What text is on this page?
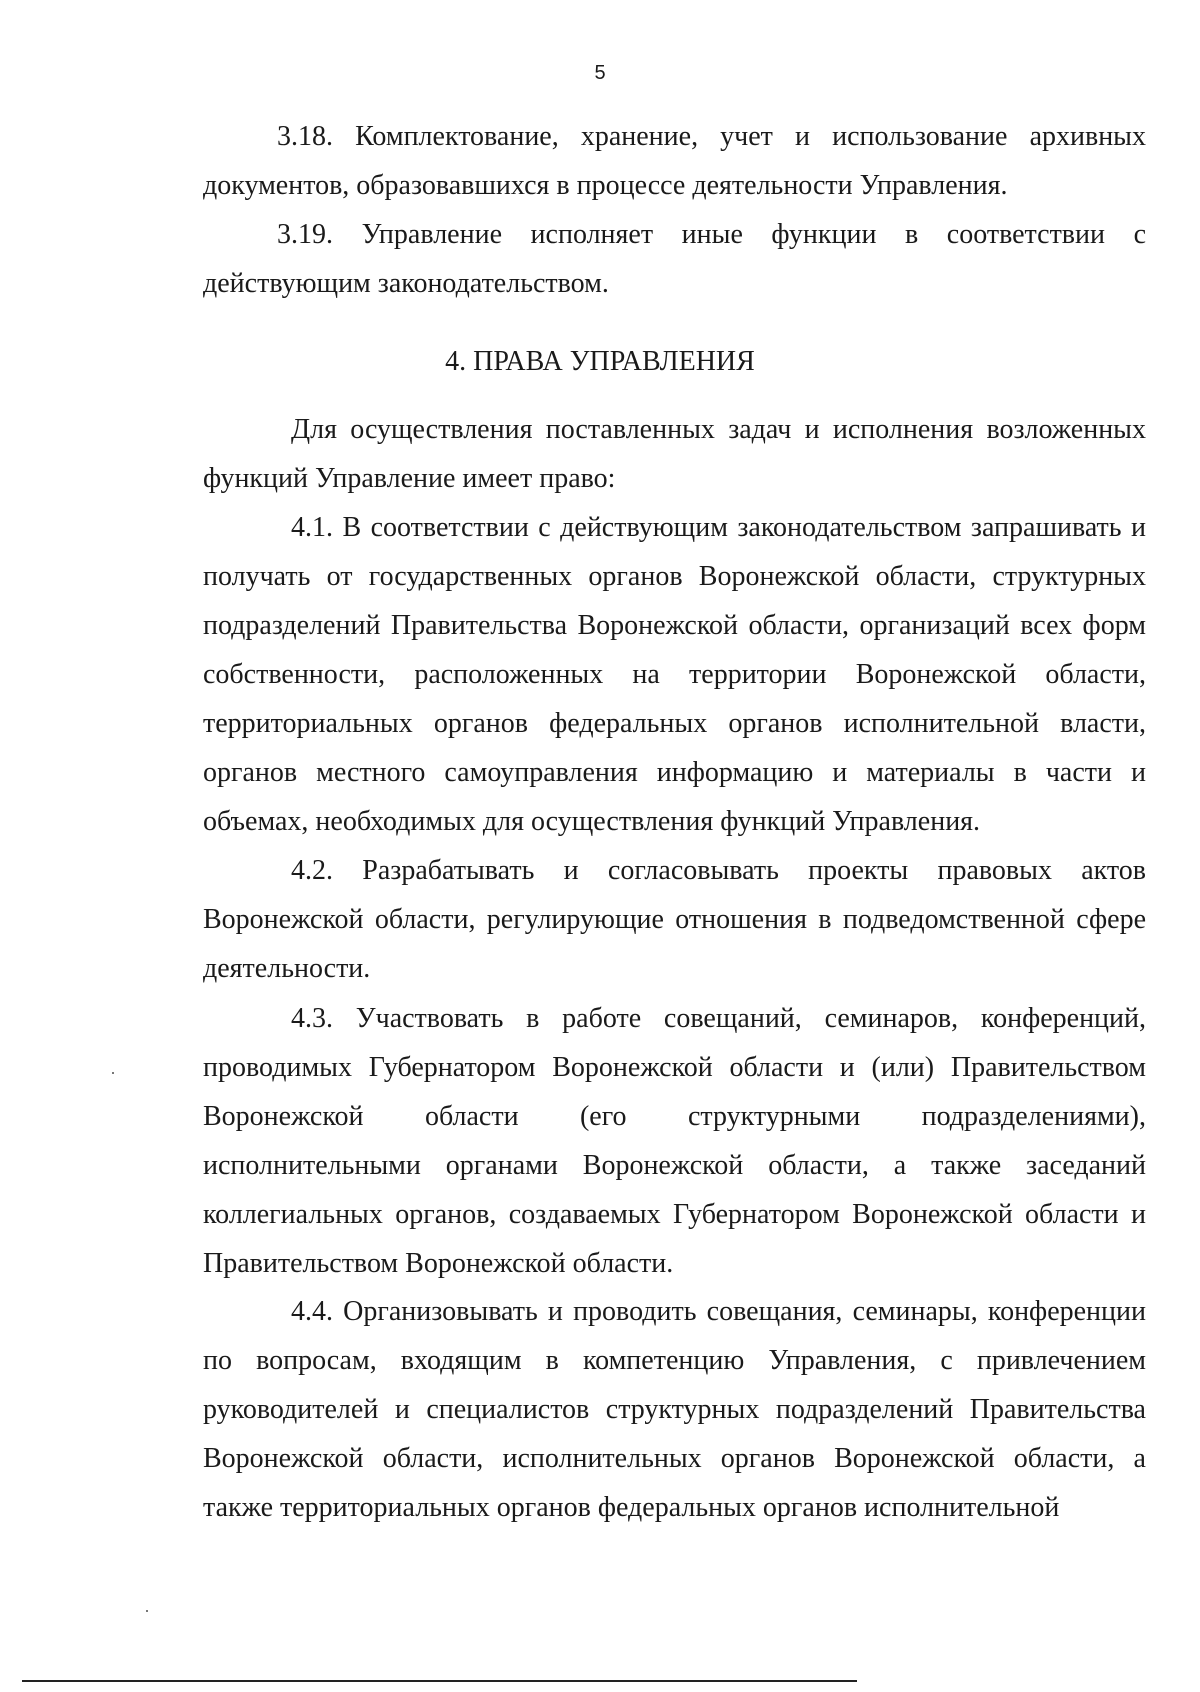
5

3.18. Комплектование, хранение, учет и использование архивных документов, образовавшихся в процессе деятельности Управления.

3.19. Управление исполняет иные функции в соответствии с действующим законодательством.

4. ПРАВА УПРАВЛЕНИЯ

Для осуществления поставленных задач и исполнения возложенных функций Управление имеет право:

4.1. В соответствии с действующим законодательством запрашивать и получать от государственных органов Воронежской области, структурных подразделений Правительства Воронежской области, организаций всех форм собственности, расположенных на территории Воронежской области, территориальных органов федеральных органов исполнительной власти, органов местного самоуправления информацию и материалы в части и объемах, необходимых для осуществления функций Управления.

4.2. Разрабатывать и согласовывать проекты правовых актов Воронежской области, регулирующие отношения в подведомственной сфере деятельности.

4.3. Участвовать в работе совещаний, семинаров, конференций, проводимых Губернатором Воронежской области и (или) Правительством Воронежской области (его структурными подразделениями), исполнительными органами Воронежской области, а также заседаний коллегиальных органов, создаваемых Губернатором Воронежской области и Правительством Воронежской области.

4.4. Организовывать и проводить совещания, семинары, конференции по вопросам, входящим в компетенцию Управления, с привлечением руководителей и специалистов структурных подразделений Правительства Воронежской области, исполнительных органов Воронежской области, а также территориальных органов федеральных органов исполнительной
